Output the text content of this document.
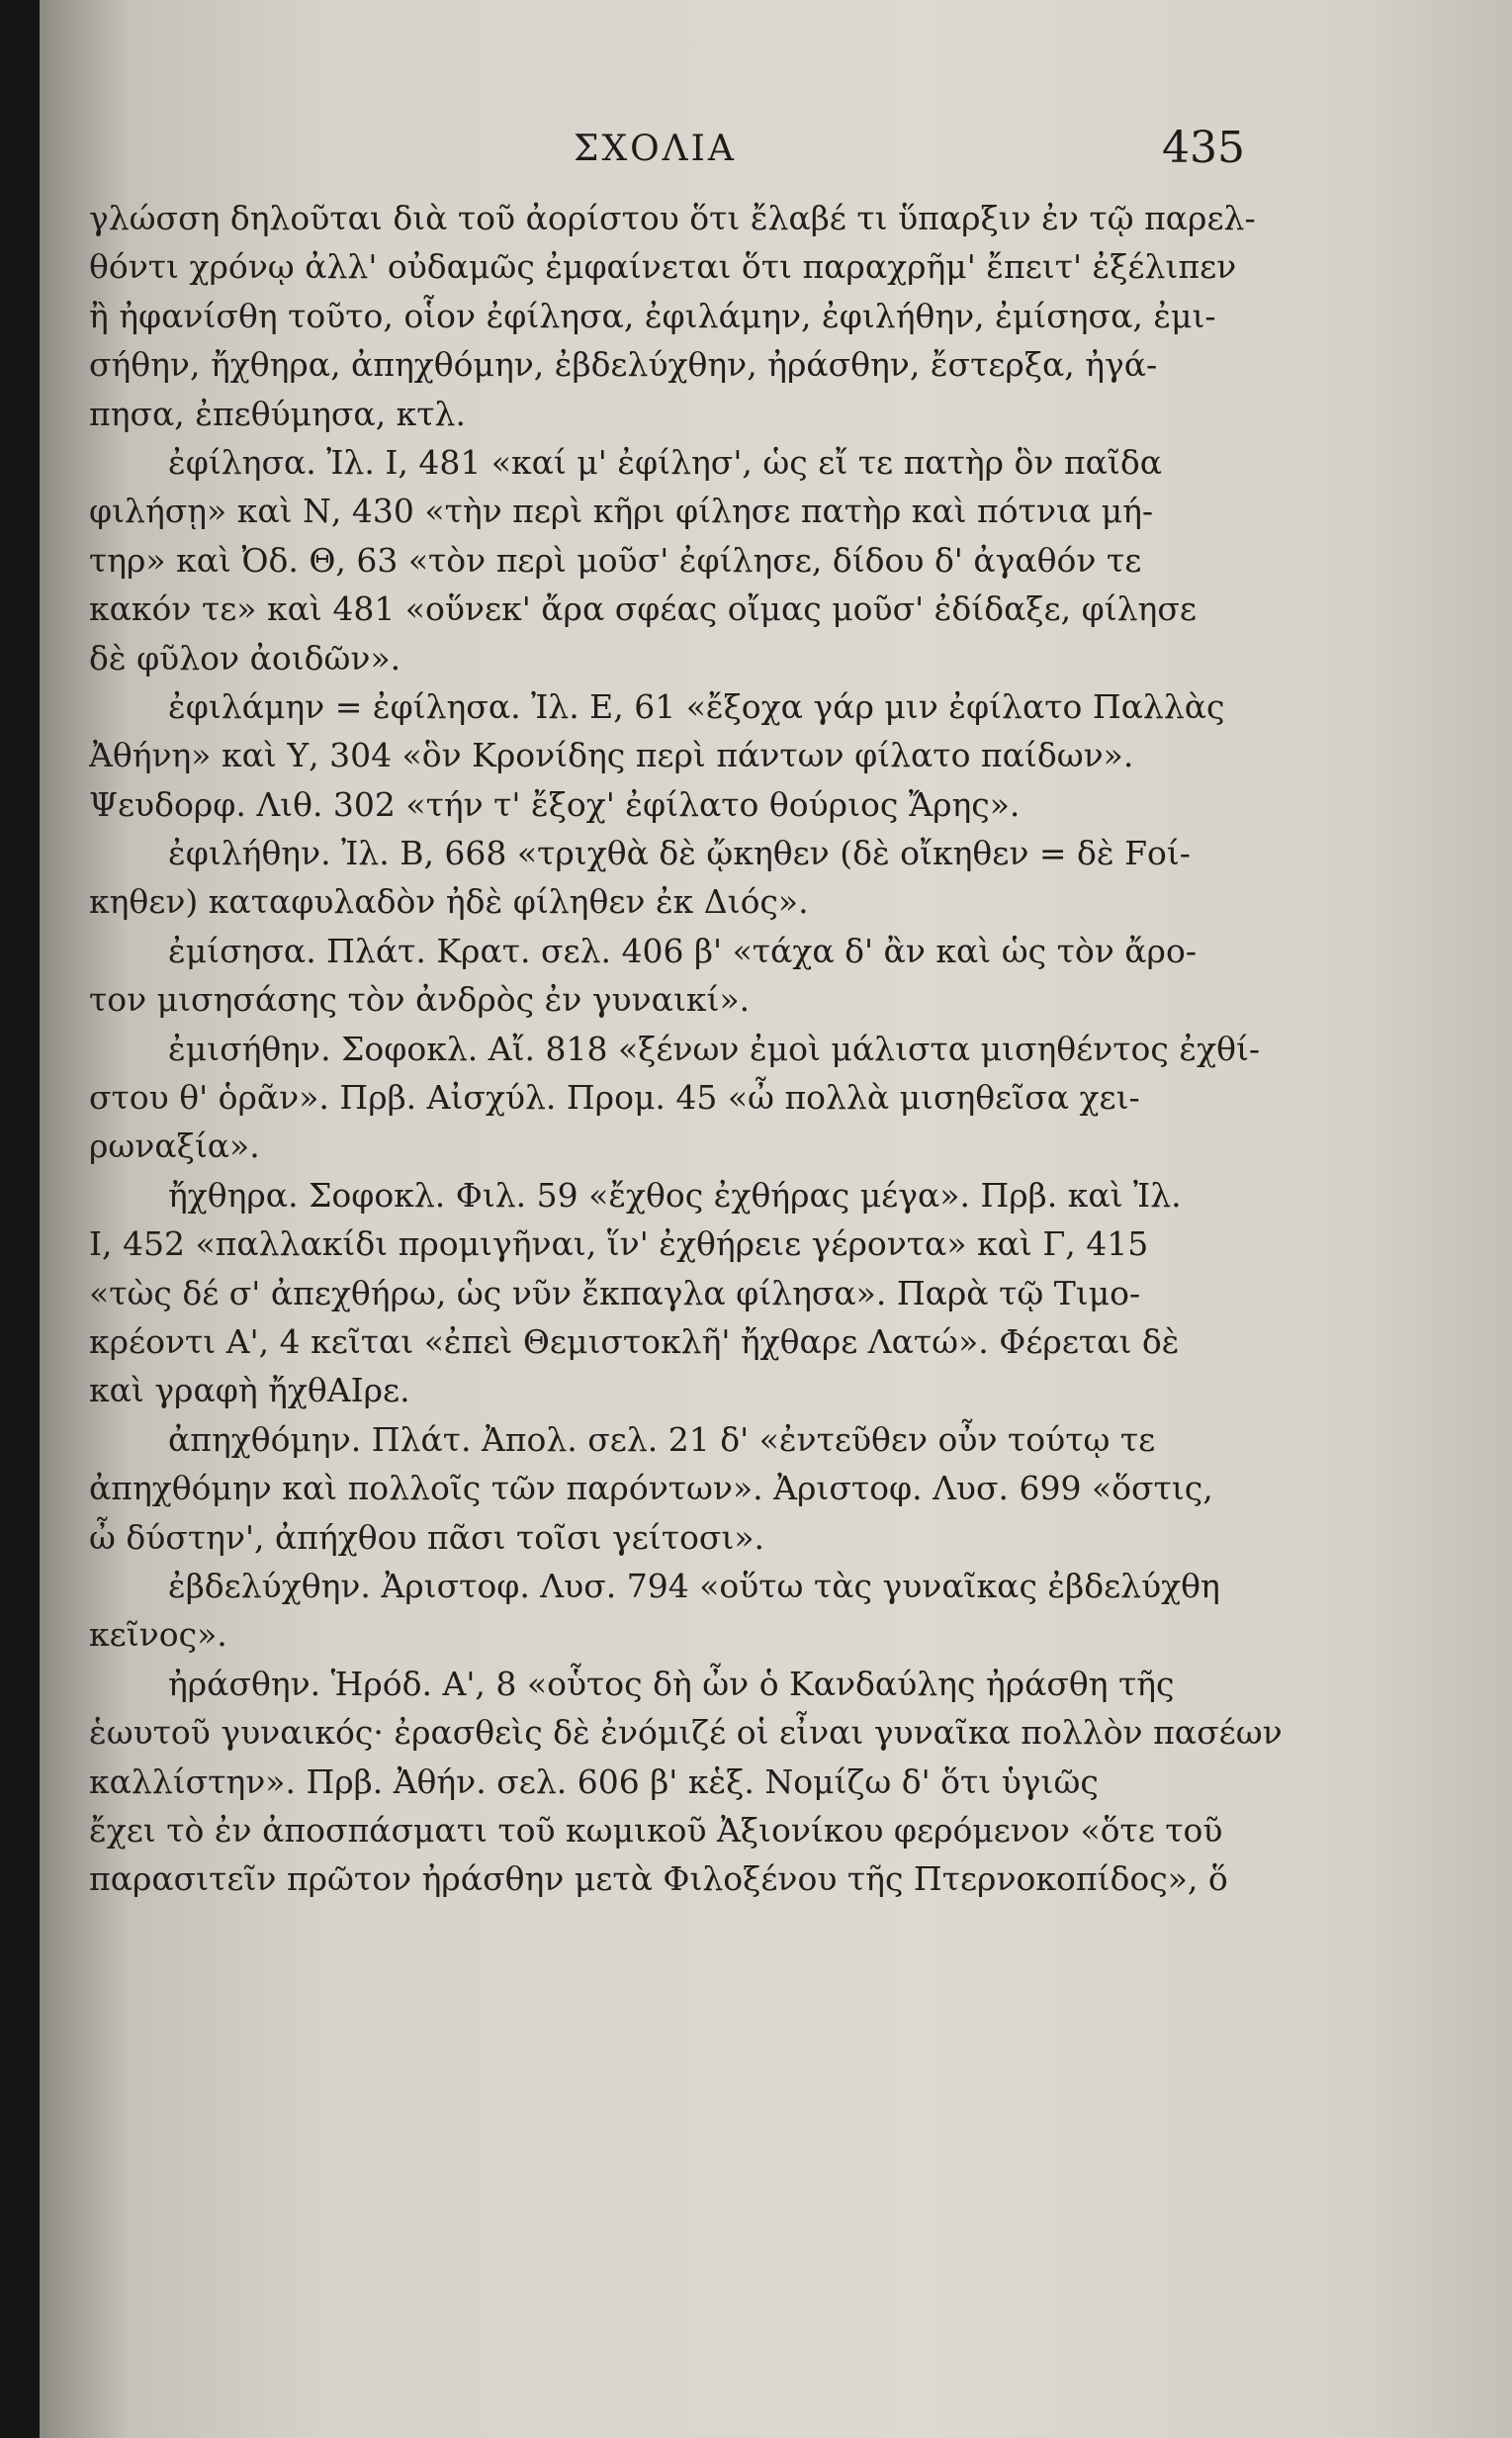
ΣΧΟΛΙΑ	435
γλώσση δηλοῦται διὰ τοῦ ἀορίστου ὅτι ἔλαβέ τι ὕπαρξιν ἐν τῷ παρελ-
θόντι χρόνῳ ἀλλ' οὐδαμῶς ἐμφαίνεται ὅτι παραχρῆμ' ἔπειτ' ἐξέλιπεν
ἢ ἠφανίσθη τοῦτο, οἷον ἐφίλησα, ἐφιλάμην, ἐφιλήθην, ἐμίσησα, ἐμι-
σήθην, ἤχθηρα, ἀπηχθόμην, ἐβδελύχθην, ἠράσθην, ἔστερξα, ἠγά-
πησα, ἐπεθύμησα, κτλ.
ἐφίλησα. Ἰλ. Ι, 481 «καί μ' ἐφίλησ', ὡς εἴ τε πατὴρ ὃν παῖδα
φιλήσῃ» καὶ Ν, 430 «τὴν περὶ κῆρι φίλησε πατὴρ καὶ πότνια μή-
τηρ» καὶ Ὀδ. Θ, 63 «τὸν περὶ μοῦσ' ἐφίλησε, δίδου δ' ἀγαθόν τε
κακόν τε» καὶ 481 «οὕνεκ' ἄρα σφέας οἴμας μοῦσ' ἐδίδαξε, φίλησε
δὲ φῦλον ἀοιδῶν».
ἐφιλάμην = ἐφίλησα. Ἰλ. Ε, 61 «ἔξοχα γάρ μιν ἐφίλατο Παλλὰς
Ἀθήνη» καὶ Υ, 304 «ὃν Κρονίδης περὶ πάντων φίλατο παίδων».
Ψευδορφ. Λιθ. 302 «τήν τ' ἔξοχ' ἐφίλατο θούριος Ἄρης».
ἐφιλήθην. Ἰλ. Β, 668 «τριχθὰ δὲ ᾤκηθεν (δὲ οἴκηθεν = δὲ Fοί-
κηθεν) καταφυλαδὸν ἠδὲ φίληθεν ἐκ Διός».
ἐμίσησα. Πλάτ. Κρατ. σελ. 406 β' «τάχα δ' ἂν καὶ ὡς τὸν ἄρο-
τον μισησάσης τὸν ἀνδρὸς ἐν γυναικί».
ἐμισήθην. Σοφοκλ. Αἴ. 818 «ξένων ἐμοὶ μάλιστα μισηθέντος ἐχθί-
στου θ' ὁρᾶν». Πρβ. Αἰσχύλ. Προμ. 45 «ὦ πολλὰ μισηθεῖσα χει-
ρωναξία».
ἤχθηρα. Σοφοκλ. Φιλ. 59 «ἔχθος ἐχθήρας μέγα». Πρβ. καὶ Ἰλ.
Ι, 452 «παλλακίδι προμιγῆναι, ἵν' ἐχθήρειε γέροντα» καὶ Γ, 415
«τὼς δέ σ' ἀπεχθήρω, ὡς νῦν ἔκπαγλα φίλησα». Παρὰ τῷ Τιμο-
κρέοντι Α', 4 κεῖται «ἐπεὶ Θεμιστοκλῆ' ἤχθαρε Λατώ». Φέρεται δὲ
καὶ γραφὴ ἤχθΑΙρε.
ἀπηχθόμην. Πλάτ. Ἀπολ. σελ. 21 δ' «ἐντεῦθεν οὖν τούτῳ τε
ἀπηχθόμην καὶ πολλοῖς τῶν παρόντων». Ἀριστοφ. Λυσ. 699 «ὅστις,
ὦ δύστην', ἀπήχθου πᾶσι τοῖσι γείτοσι».
ἐβδελύχθην. Ἀριστοφ. Λυσ. 794 «οὕτω τὰς γυναῖκας ἐβδελύχθη
κεῖνος».
ἠράσθην. Ἡρόδ. Α', 8 «οὗτος δὴ ὦν ὁ Κανδαύλης ἠράσθη τῆς
ἑωυτοῦ γυναικός· ἐρασθεὶς δὲ ἐνόμιζέ οἱ εἶναι γυναῖκα πολλὸν πασέων
καλλίστην». Πρβ. Ἀθήν. σελ. 606 β' κἑξ. Νομίζω δ' ὅτι ὑγιῶς
ἔχει τὸ ἐν ἀποσπάσματι τοῦ κωμικοῦ Ἀξιονίκου φερόμενον «ὅτε τοῦ
παρασιτεῖν πρῶτον ἠράσθην μετὰ Φιλοξένου τῆς Πτερνοκοπίδος», ὅ
